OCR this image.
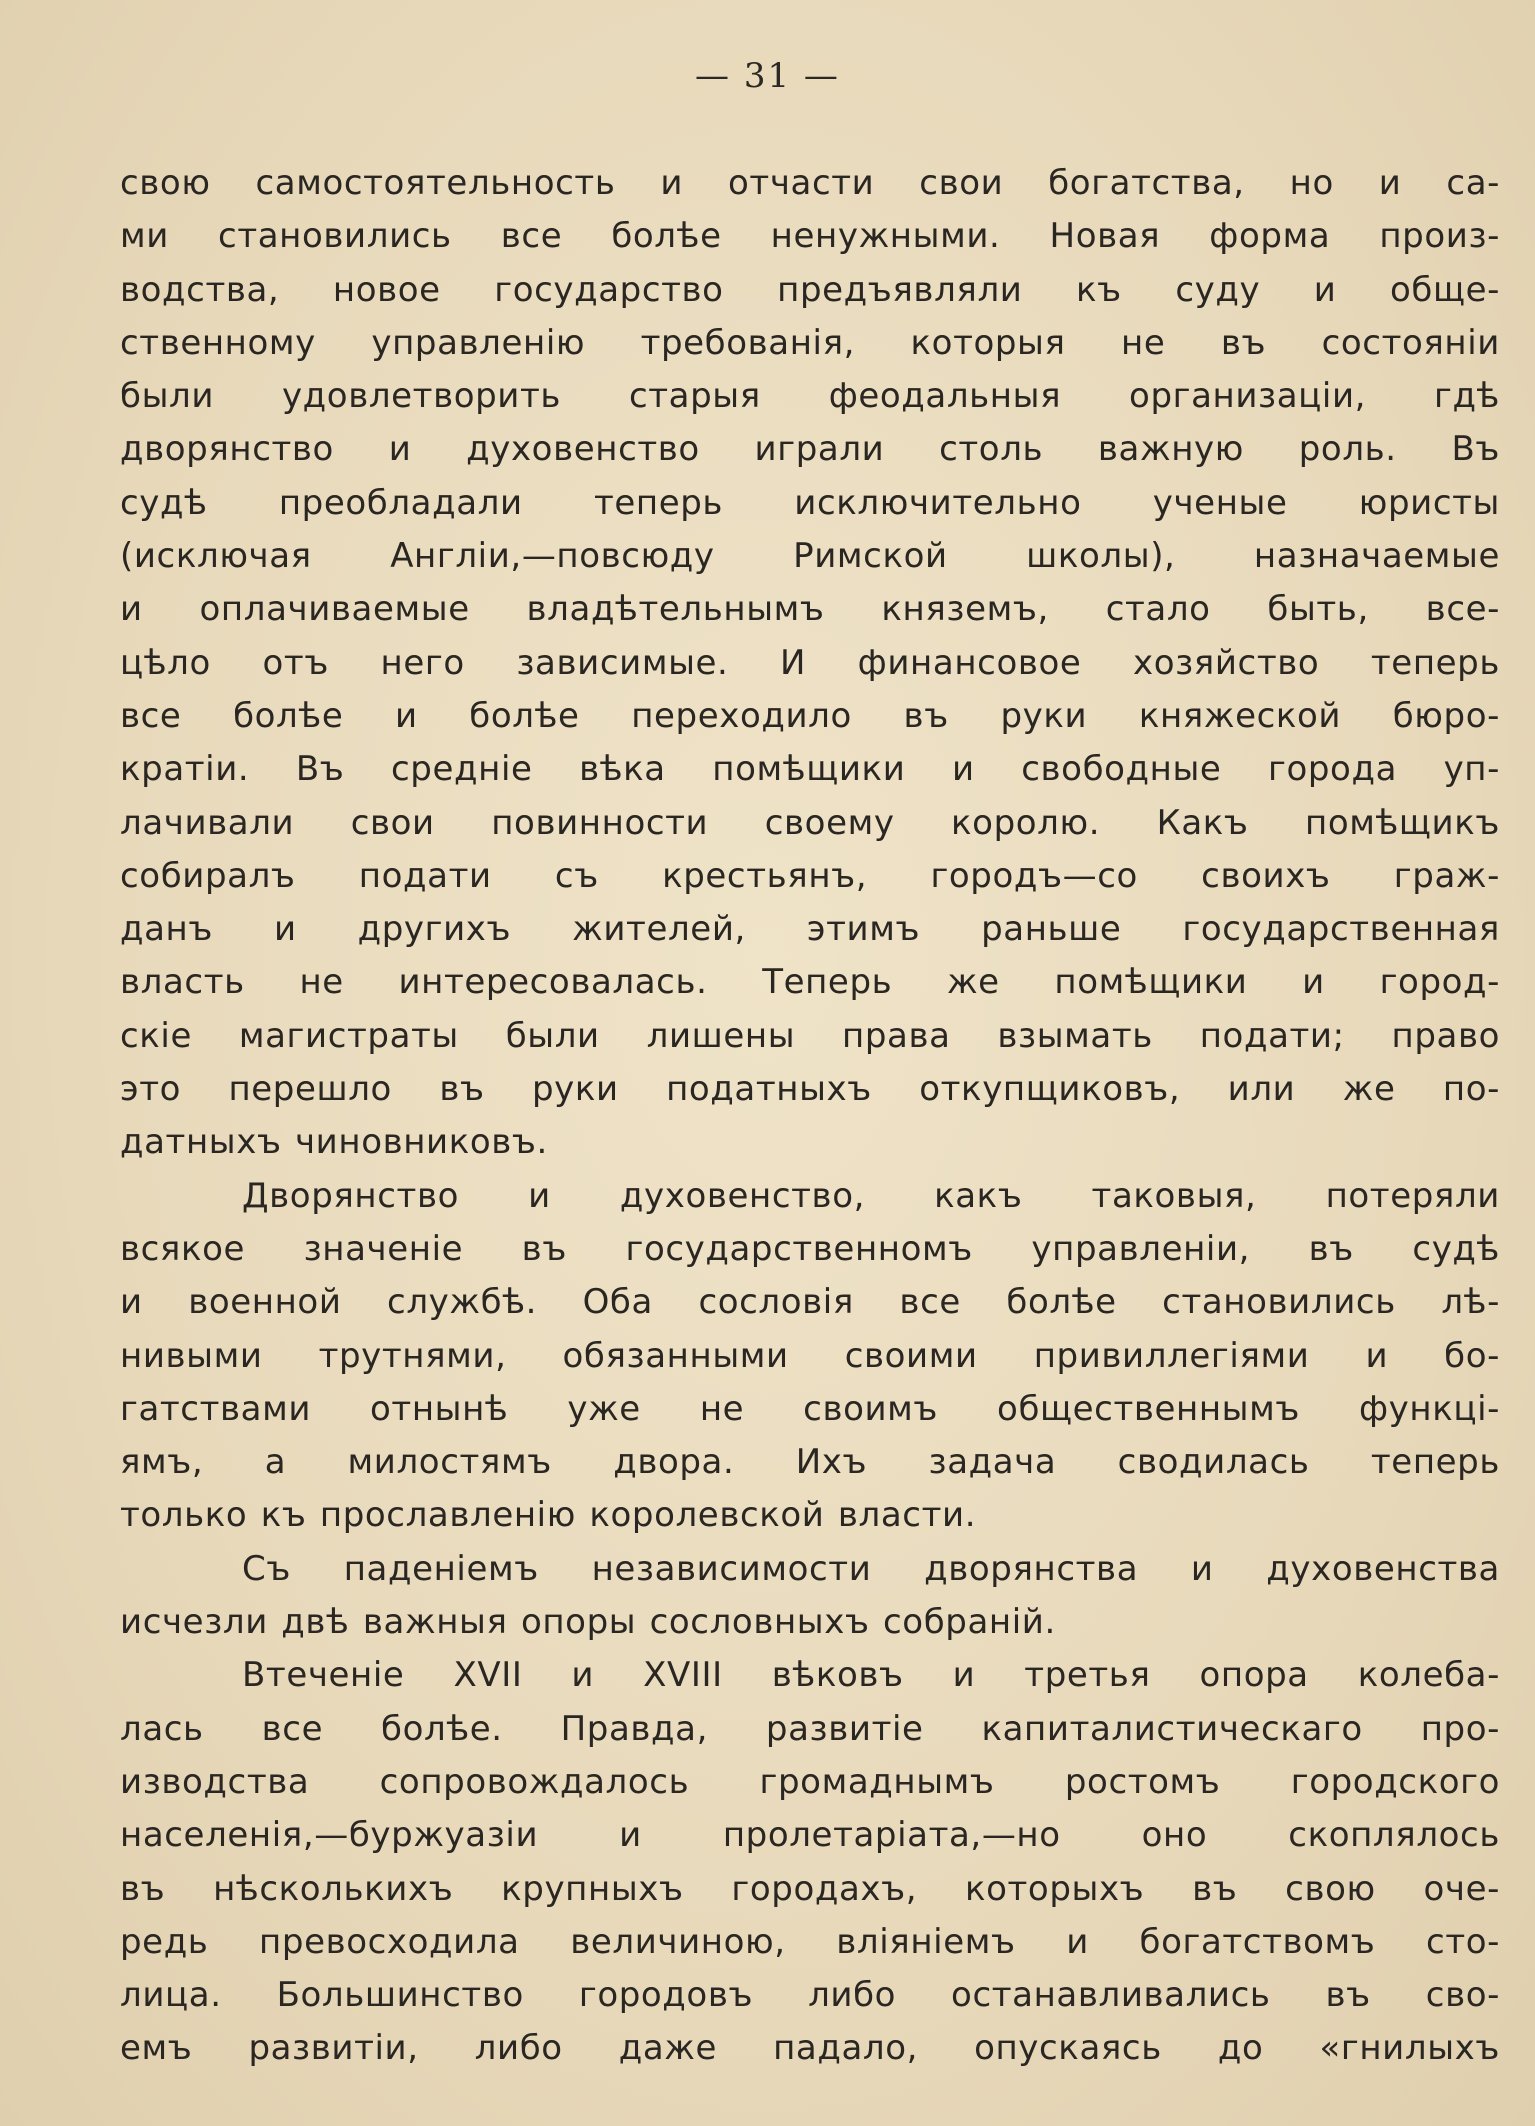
— 31 —
свою самостоятельность и отчасти свои богатства, но и са-
ми становились все болѣе ненужными. Новая форма произ-
водства, новое государство предъявляли къ суду и обще-
ственному управленію требованія, которыя не въ состояніи
были удовлетворить старыя феодальныя организаціи, гдѣ
дворянство и духовенство играли столь важную роль. Въ
судѣ преобладали теперь исключительно ученые юристы
(исключая Англіи,—повсюду Римской школы), назначаемые
и оплачиваемые владѣтельнымъ княземъ, стало быть, все-
цѣло отъ него зависимые. И финансовое хозяйство теперь
все болѣе и болѣе переходило въ руки княжеской бюро-
кратіи. Въ средніе вѣка помѣщики и свободные города уп-
лачивали свои повинности своему королю. Какъ помѣщикъ
собиралъ подати съ крестьянъ, городъ—со своихъ граж-
данъ и другихъ жителей, этимъ раньше государственная
власть не интересовалась. Теперь же помѣщики и город-
скіе магистраты были лишены права взымать подати; право
это перешло въ руки податныхъ откупщиковъ, или же по-
датныхъ чиновниковъ.
Дворянство и духовенство, какъ таковыя, потеряли
всякое значеніе въ государственномъ управленіи, въ судѣ
и военной службѣ. Оба сословія все болѣе становились лѣ-
нивыми трутнями, обязанными своими привиллегіями и бо-
гатствами отнынѣ уже не своимъ общественнымъ функці-
ямъ, а милостямъ двора. Ихъ задача сводилась теперь
только къ прославленію королевской власти.
Съ паденіемъ независимости дворянства и духовенства
исчезли двѣ важныя опоры сословныхъ собраній.
Втеченіе XVII и XVIII вѣковъ и третья опора колеба-
лась все болѣе. Правда, развитіе капиталистическаго про-
изводства сопровождалось громаднымъ ростомъ городского
населенія,—буржуазіи и пролетаріата,—но оно скоплялось
въ нѣсколькихъ крупныхъ городахъ, которыхъ въ свою оче-
редь превосходила величиною, вліяніемъ и богатствомъ сто-
лица. Большинство городовъ либо останавливались въ сво-
емъ развитіи, либо даже падало, опускаясь до «гнилыхъ
